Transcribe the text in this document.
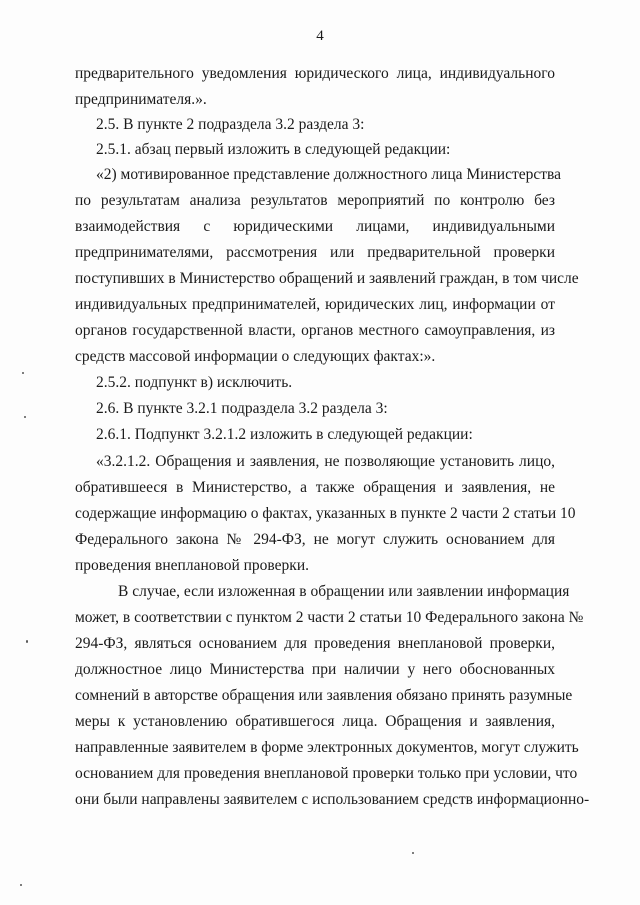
4
предварительного уведомления юридического лица, индивидуального
предпринимателя.».
2.5. В пункте 2 подраздела 3.2 раздела 3:
2.5.1. абзац первый изложить в следующей редакции:
«2) мотивированное представление должностного лица Министерства
по результатам анализа результатов мероприятий по контролю без
взаимодействия с юридическими лицами, индивидуальными
предпринимателями, рассмотрения или предварительной проверки
поступивших в Министерство обращений и заявлений граждан, в том числе
индивидуальных предпринимателей, юридических лиц, информации от
органов государственной власти, органов местного самоуправления, из
средств массовой информации о следующих фактах:».
2.5.2. подпункт в) исключить.
2.6. В пункте 3.2.1 подраздела 3.2 раздела 3:
2.6.1. Подпункт 3.2.1.2 изложить в следующей редакции:
«3.2.1.2. Обращения и заявления, не позволяющие установить лицо,
обратившееся в Министерство, а также обращения и заявления, не
содержащие информацию о фактах, указанных в пункте 2 части 2 статьи 10
Федерального закона № 294-ФЗ, не могут служить основанием для
проведения внеплановой проверки.
В случае, если изложенная в обращении или заявлении информация
может, в соответствии с пунктом 2 части 2 статьи 10 Федерального закона №
294-ФЗ, являться основанием для проведения внеплановой проверки,
должностное лицо Министерства при наличии у него обоснованных
сомнений в авторстве обращения или заявления обязано принять разумные
меры к установлению обратившегося лица. Обращения и заявления,
направленные заявителем в форме электронных документов, могут служить
основанием для проведения внеплановой проверки только при условии, что
они были направлены заявителем с использованием средств информационно-
